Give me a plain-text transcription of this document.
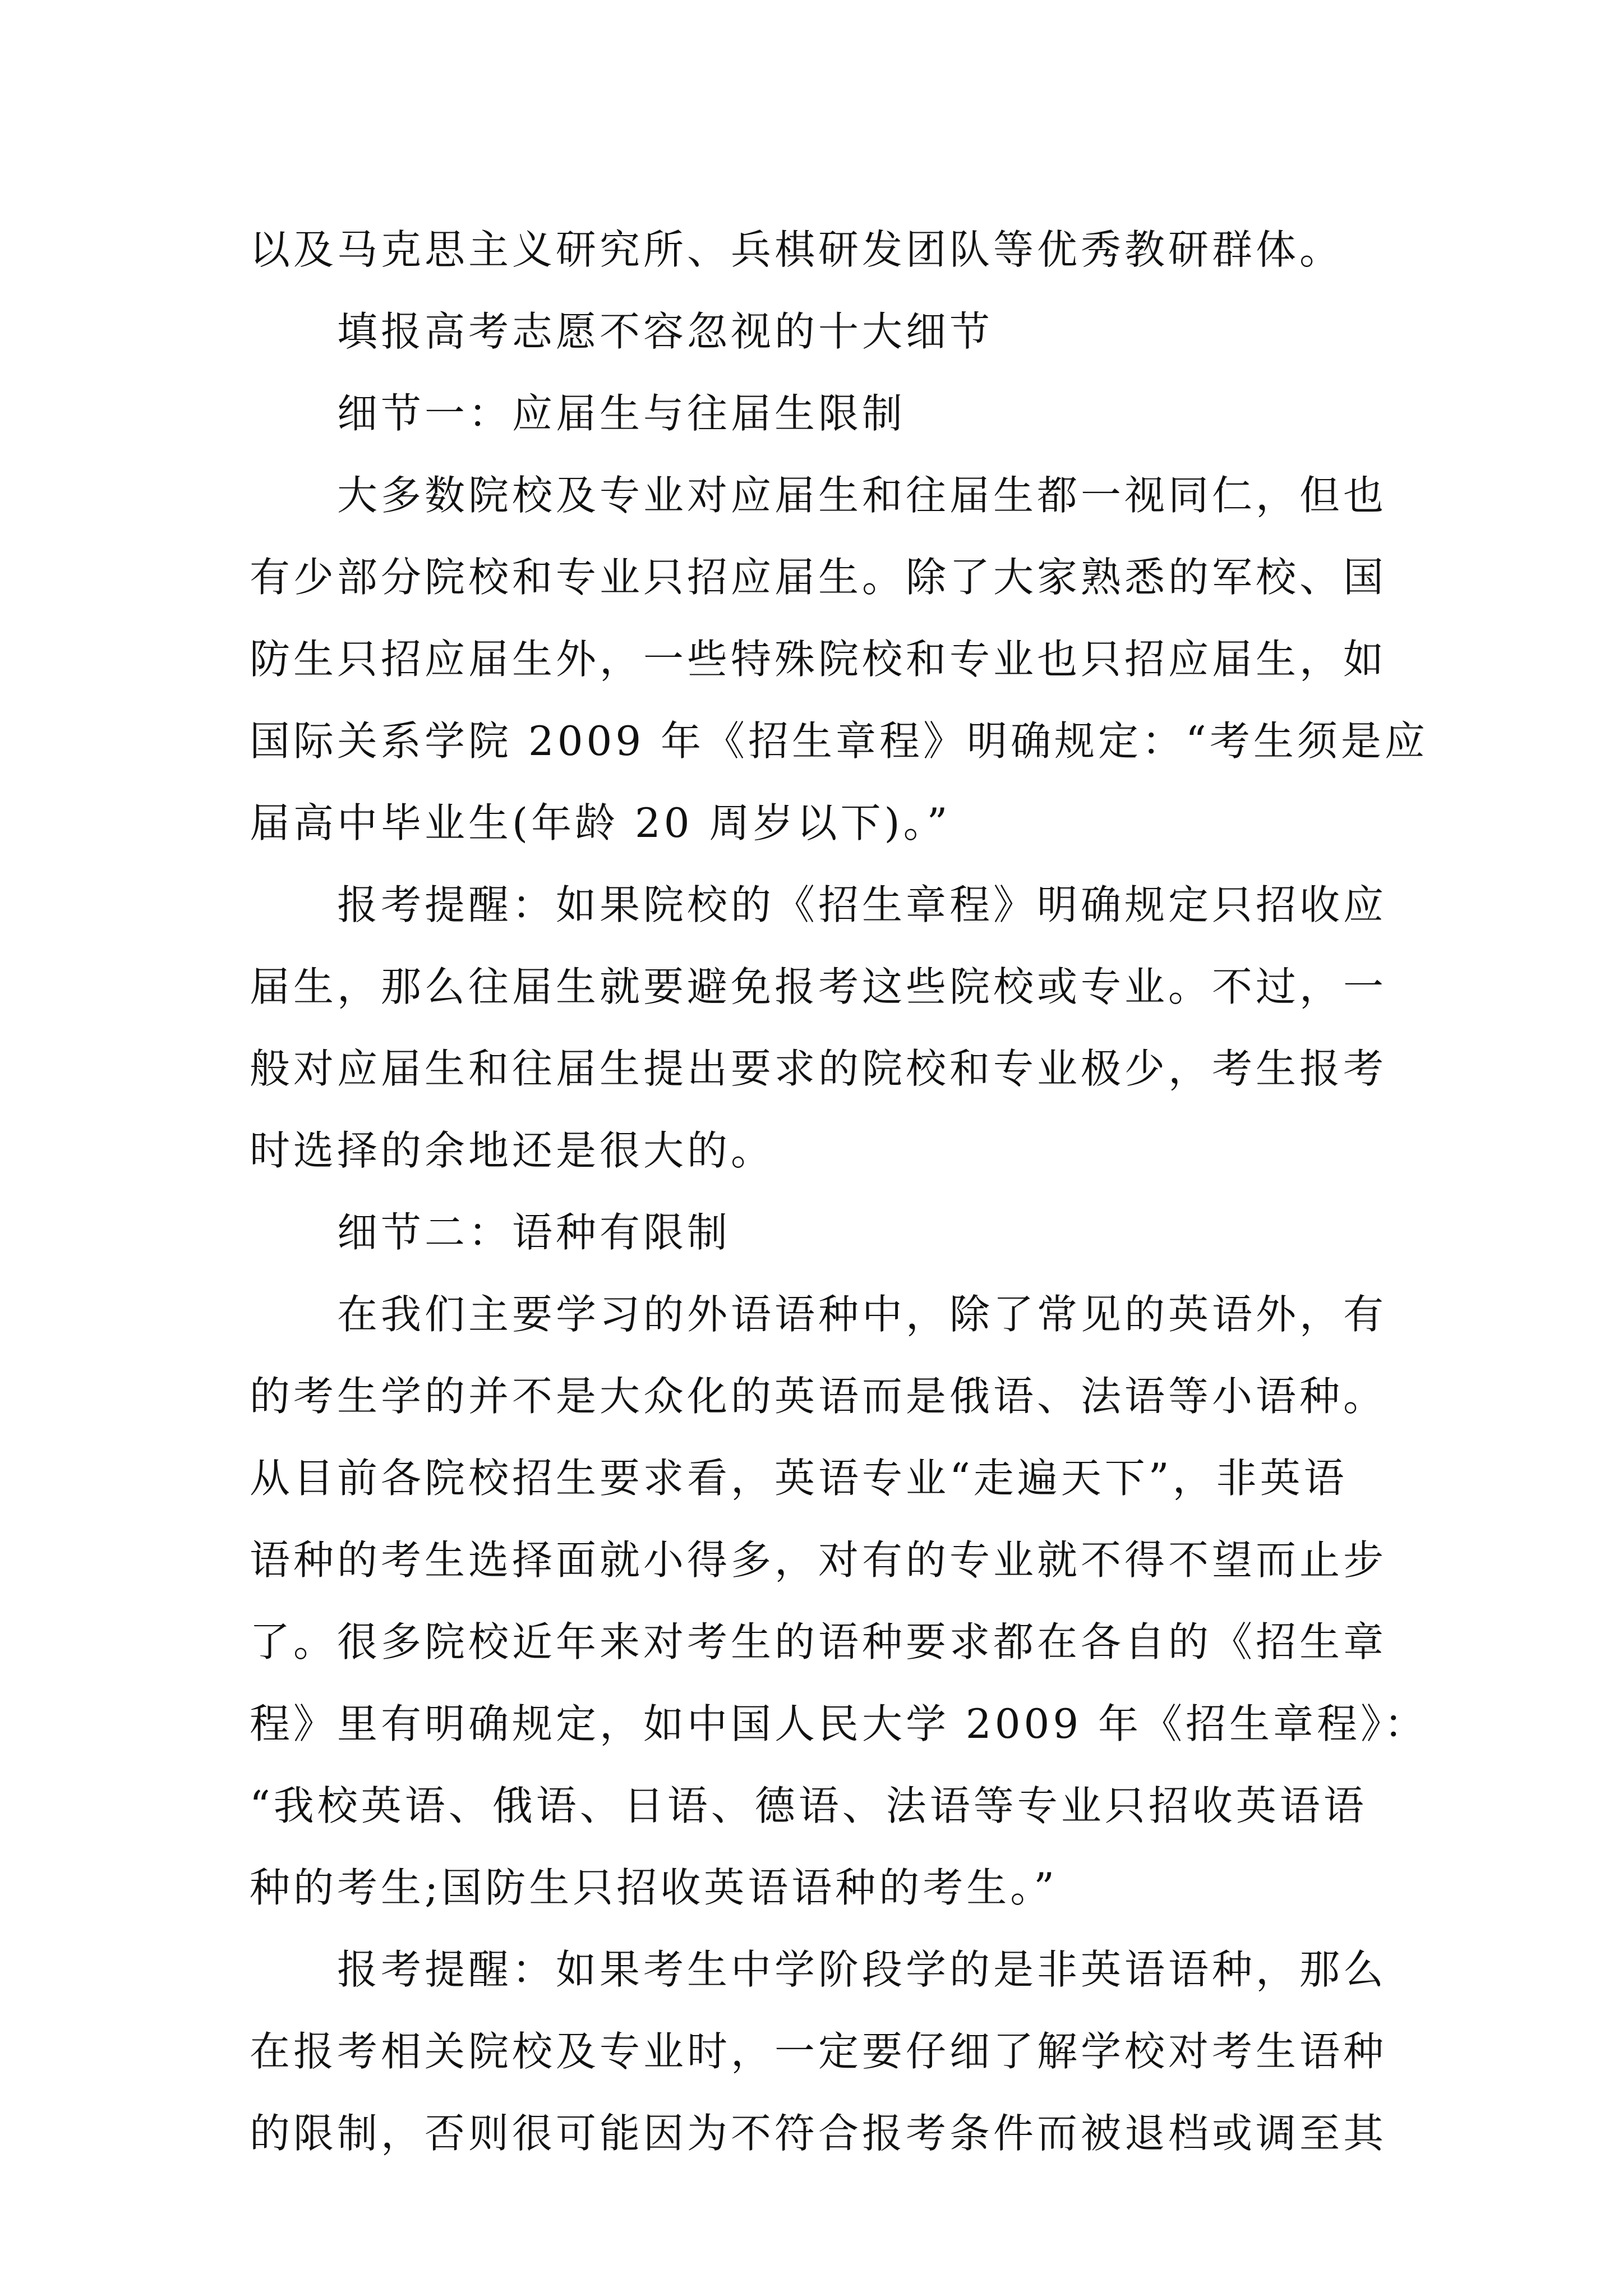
以及马克思主义研究所、兵棋研发团队等优秀教研群体。

填报高考志愿不容忽视的十大细节

细节一：应届生与往届生限制

大多数院校及专业对应届生和往届生都一视同仁，但也
有少部分院校和专业只招应届生。除了大家熟悉的军校、国
防生只招应届生外，一些特殊院校和专业也只招应届生，如
国际关系学院 2009 年《招生章程》明确规定：“考生须是应
届高中毕业生(年龄 20 周岁以下)。”

报考提醒：如果院校的《招生章程》明确规定只招收应
届生，那么往届生就要避免报考这些院校或专业。不过，一
般对应届生和往届生提出要求的院校和专业极少，考生报考
时选择的余地还是很大的。

细节二：语种有限制

在我们主要学习的外语语种中，除了常见的英语外，有
的考生学的并不是大众化的英语而是俄语、法语等小语种。
从目前各院校招生要求看，英语专业“走遍天下”，非英语
语种的考生选择面就小得多，对有的专业就不得不望而止步
了。很多院校近年来对考生的语种要求都在各自的《招生章
程》里有明确规定，如中国人民大学 2009 年《招生章程》：
“我校英语、俄语、日语、德语、法语等专业只招收英语语
种的考生;国防生只招收英语语种的考生。”

报考提醒：如果考生中学阶段学的是非英语语种，那么
在报考相关院校及专业时，一定要仔细了解学校对考生语种
的限制，否则很可能因为不符合报考条件而被退档或调至其
